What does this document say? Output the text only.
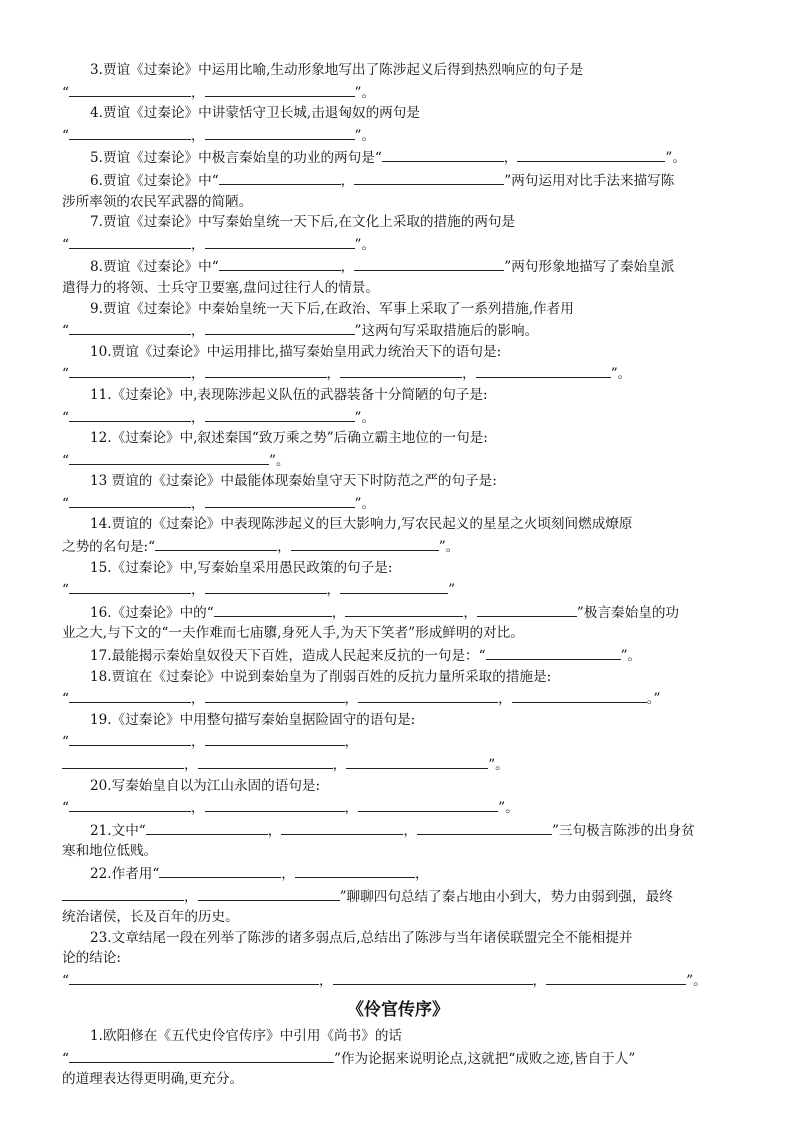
3.贾谊《过秦论》中运用比喻,生动形象地写出了陈涉起义后得到热烈响应的句子是
“	，	”。
4.贾谊《过秦论》中讲蒙恬守卫长城,击退匈奴的两句是
“	，	”。
5.贾谊《过秦论》中极言秦始皇的功业的两句是“	，	”。
6.贾谊《过秦论》中“	，	”两句运用对比手法来描写陈
涉所率领的农民军武器的简陋。
7.贾谊《过秦论》中写秦始皇统一天下后,在文化上采取的措施的两句是
“	，	”。
8.贾谊《过秦论》中“	，	”两句形象地描写了秦始皇派
遣得力的将领、士兵守卫要塞,盘问过往行人的情景。
9.贾谊《过秦论》中秦始皇统一天下后,在政治、军事上采取了一系列措施,作者用
“	，	”这两句写采取措施后的影响。
10.贾谊《过秦论》中运用排比,描写秦始皇用武力统治天下的语句是:
“	，	，	，	”。
11.《过秦论》中,表现陈涉起义队伍的武器装备十分简陋的句子是:
“	，	”。
12.《过秦论》中,叙述秦国“致万乘之势”后确立霸主地位的一句是:
“	”。
13 贾谊的《过秦论》中最能体现秦始皇守天下时防范之严的句子是:
“	，	”。
14.贾谊的《过秦论》中表现陈涉起义的巨大影响力,写农民起义的星星之火顷刻间燃成燎原
之势的名句是:“	，	”。
15.《过秦论》中,写秦始皇采用愚民政策的句子是:
“	，	，	”
16.《过秦论》中的“	，	，	”极言秦始皇的功
业之大,与下文的“一夫作难而七庙隳,身死人手,为天下笑者”形成鲜明的对比。
17.最能揭示秦始皇奴役天下百姓，造成人民起来反抗的一句是：“	”。
18.贾谊在《过秦论》中说到秦始皇为了削弱百姓的反抗力量所采取的措施是:
“	，	，	，	。”
19.《过秦论》中用整句描写秦始皇据险固守的语句是:
“	，	，
，	，	”。
20.写秦始皇自以为江山永固的语句是:
“	，	，	”。
21.文中“	，	，	”三句极言陈涉的出身贫
寒和地位低贱。
22.作者用“	，	，
，	”聊聊四句总结了秦占地由小到大，势力由弱到强，最终
统治诸侯，长及百年的历史。
23.文章结尾一段在列举了陈涉的诸多弱点后,总结出了陈涉与当年诸侯联盟完全不能相提并
论的结论:
“	，	，	”。
《伶官传序》
1.欧阳修在《五代史伶官传序》中引用《尚书》的话
“	”作为论据来说明论点,这就把“成败之迹,皆自于人”
的道理表达得更明确,更充分。
